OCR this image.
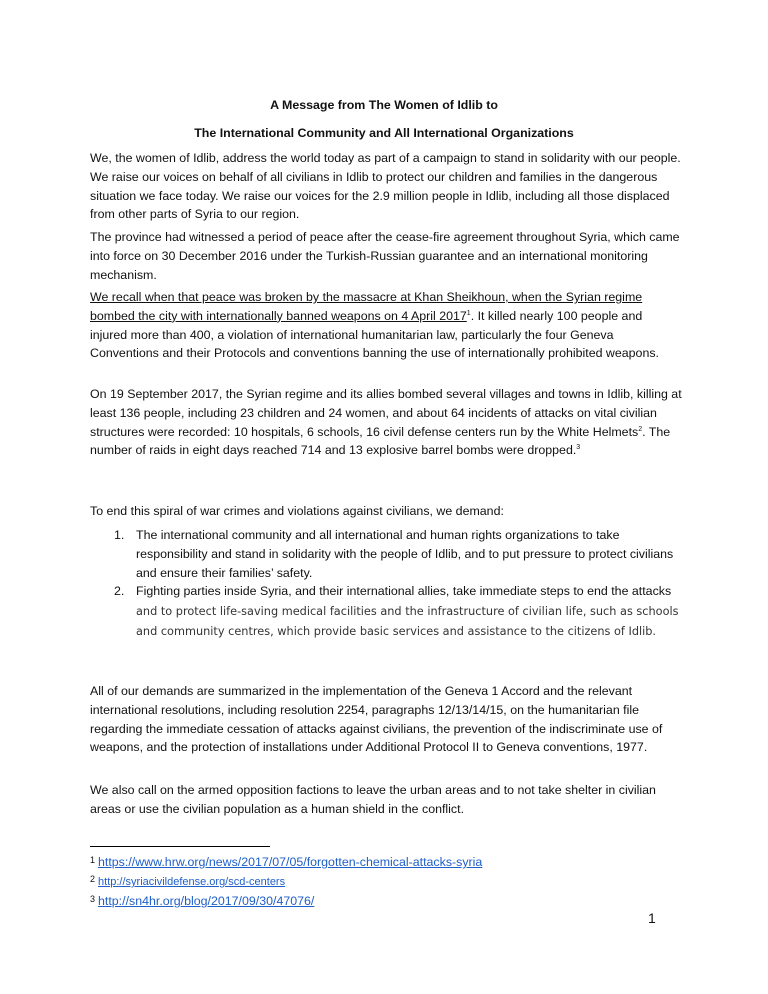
A Message from The Women of Idlib to
The International Community and All International Organizations

We, the women of Idlib, address the world today as part of a campaign to stand in solidarity with our people. We raise our voices on behalf of all civilians in Idlib to protect our children and families in the dangerous situation we face today. We raise our voices for the 2.9 million people in Idlib, including all those displaced from other parts of Syria to our region.

The province had witnessed a period of peace after the cease-fire agreement throughout Syria, which came into force on 30 December 2016 under the Turkish-Russian guarantee and an international monitoring mechanism.

We recall when that peace was broken by the massacre at Khan Sheikhoun, when the Syrian regime bombed the city with internationally banned weapons on 4 April 2017$^1$. It killed nearly 100 people and injured more than 400, a violation of international humanitarian law, particularly the four Geneva Conventions and their Protocols and conventions banning the use of internationally prohibited weapons.

On 19 September 2017, the Syrian regime and its allies bombed several villages and towns in Idlib, killing at least 136 people, including 23 children and 24 women, and about 64 incidents of attacks on vital civilian structures were recorded: 10 hospitals, 6 schools, 16 civil defense centers run by the White Helmets$^2$. The number of raids in eight days reached 714 and 13 explosive barrel bombs were dropped.$^3$

To end this spiral of war crimes and violations against civilians, we demand:

1. The international community and all international and human rights organizations to take responsibility and stand in solidarity with the people of Idlib, and to put pressure to protect civilians and ensure their families’ safety.
2. Fighting parties inside Syria, and their international allies, take immediate steps to end the attacks and to protect life-saving medical facilities and the infrastructure of civilian life, such as schools and community centres, which provide basic services and assistance to the citizens of Idlib.

All of our demands are summarized in the implementation of the Geneva 1 Accord and the relevant international resolutions, including resolution 2254, paragraphs 12/13/14/15, on the humanitarian file regarding the immediate cessation of attacks against civilians, the prevention of the indiscriminate use of weapons, and the protection of installations under Additional Protocol II to Geneva conventions, 1977.

We also call on the armed opposition factions to leave the urban areas and to not take shelter in civilian areas or use the civilian population as a human shield in the conflict.

$^1$ https://www.hrw.org/news/2017/07/05/forgotten-chemical-attacks-syria
$^2$ http://syriacivildefense.org/scd-centers
$^3$ http://sn4hr.org/blog/2017/09/30/47076/
1
